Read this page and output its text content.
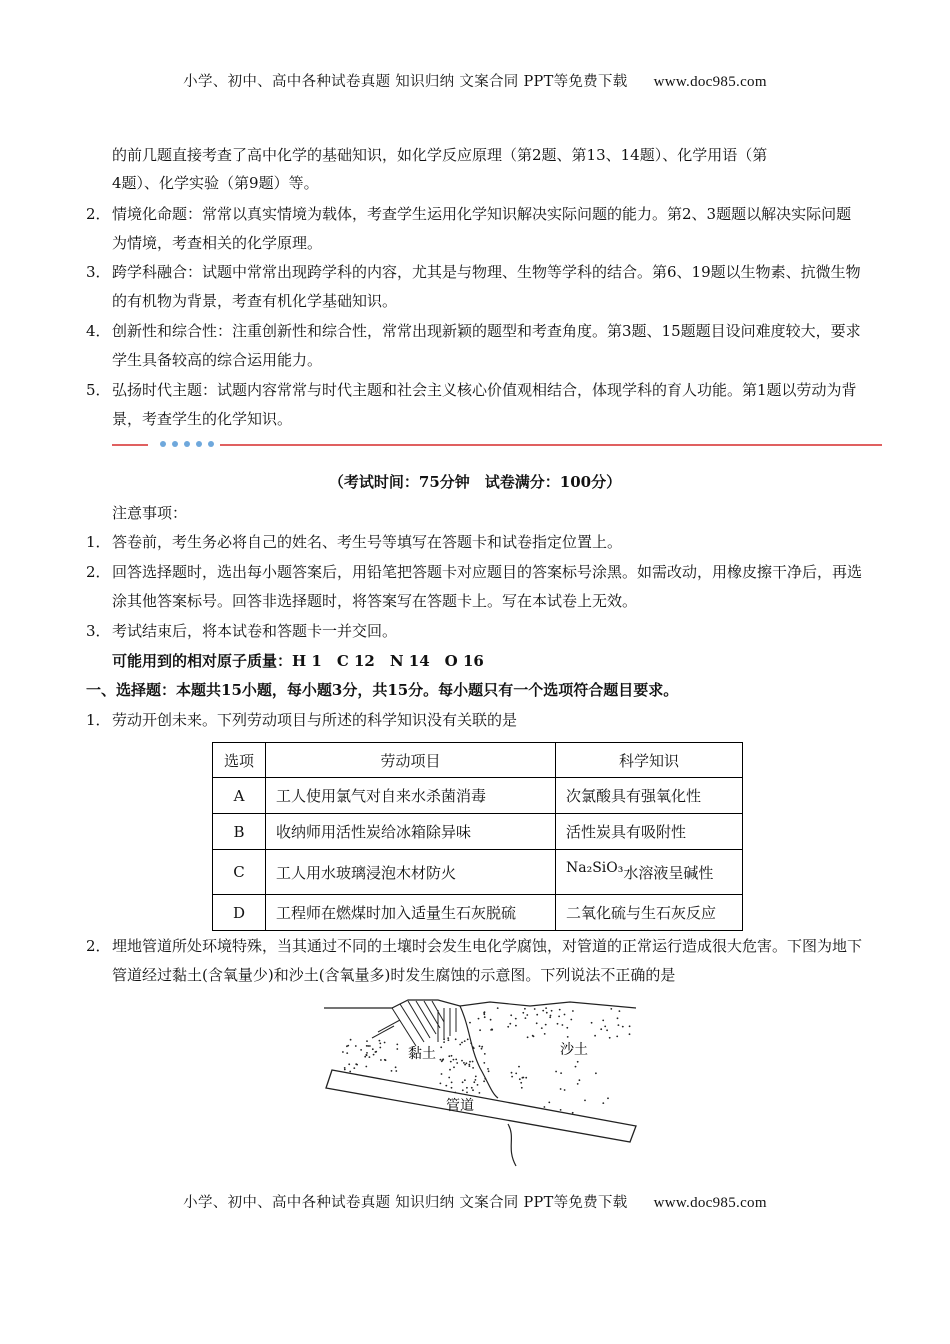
小学、初中、高中各种试卷真题 知识归纳 文案合同 PPT等免费下载 www.doc985.com
的前几题直接考查了高中化学的基础知识，如化学反应原理（第2题、第13、14题）、化学用语（第
4题）、化学实验（第9题）等。
2． 情境化命题：常常以真实情境为载体，考查学生运用化学知识解决实际问题的能力。第2、3题题以解决实际问题为情境，考查相关的化学原理。
3． 跨学科融合：试题中常常出现跨学科的内容，尤其是与物理、生物等学科的结合。第6、19题以生物素、抗微生物的有机物为背景，考查有机化学基础知识。
4． 创新性和综合性：注重创新性和综合性，常常出现新颖的题型和考查角度。第3题、15题题目设问难度较大，要求学生具备较高的综合运用能力。
5． 弘扬时代主题：试题内容常常与时代主题和社会主义核心价值观相结合，体现学科的育人功能。第1题以劳动为背景，考查学生的化学知识。
（考试时间：75分钟　试卷满分：100分）
注意事项：
1． 答卷前，考生务必将自己的姓名、考生号等填写在答题卡和试卷指定位置上。
2． 回答选择题时，选出每小题答案后，用铅笔把答题卡对应题目的答案标号涂黑。如需改动，用橡皮擦干净后，再选涂其他答案标号。回答非选择题时，将答案写在答题卡上。写在本试卷上无效。
3． 考试结束后，将本试卷和答题卡一并交回。
可能用到的相对原子质量：H 1　C 12　N 14　O 16
一、选择题：本题共15小题，每小题3分，共15分。每小题只有一个选项符合题目要求。
1． 劳动开创未来。下列劳动项目与所述的科学知识没有关联的是
选项	劳动项目	科学知识
A	工人使用氯气对自来水杀菌消毒	次氯酸具有强氧化性
B	收纳师用活性炭给冰箱除异味	活性炭具有吸附性
C	工人用水玻璃浸泡木材防火	Na₂SiO₃水溶液呈碱性
D	工程师在燃煤时加入适量生石灰脱硫	二氧化硫与生石灰反应
2． 埋地管道所处环境特殊，当其通过不同的土壤时会发生电化学腐蚀，对管道的正常运行造成很大危害。下图为地下管道经过黏土(含氧量少)和沙土(含氧量多)时发生腐蚀的示意图。下列说法不正确的是
黏土	沙土
管道
小学、初中、高中各种试卷真题 知识归纳 文案合同 PPT等免费下载 www.doc985.com
